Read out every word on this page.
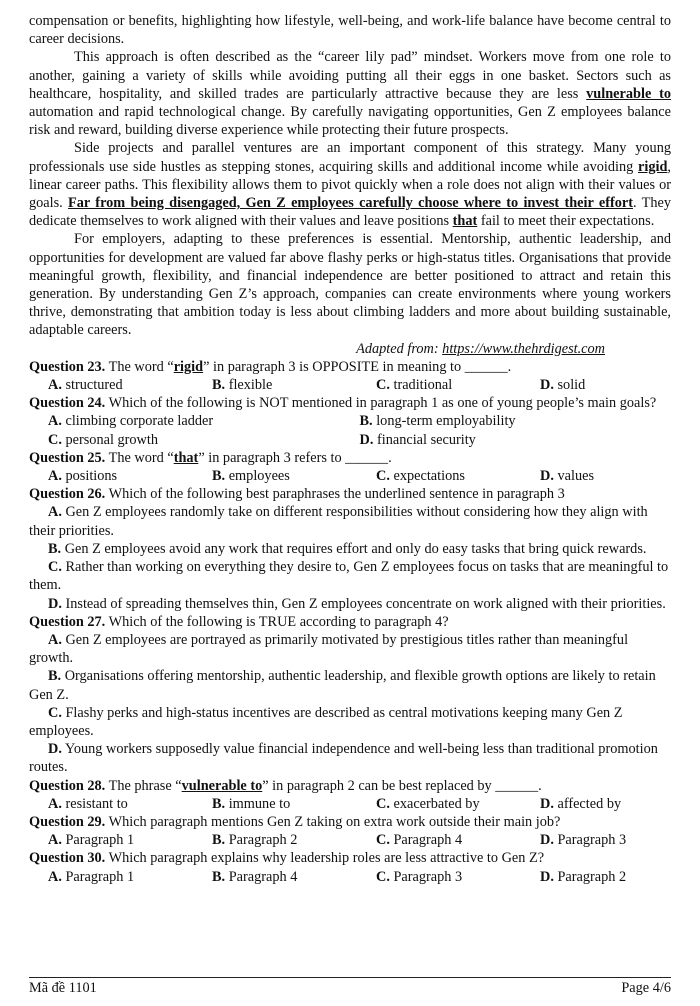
compensation or benefits, highlighting how lifestyle, well-being, and work-life balance have become central to career decisions.

This approach is often described as the “career lily pad” mindset. Workers move from one role to another, gaining a variety of skills while avoiding putting all their eggs in one basket. Sectors such as healthcare, hospitality, and skilled trades are particularly attractive because they are less vulnerable to automation and rapid technological change. By carefully navigating opportunities, Gen Z employees balance risk and reward, building diverse experience while protecting their future prospects.

Side projects and parallel ventures are an important component of this strategy. Many young professionals use side hustles as stepping stones, acquiring skills and additional income while avoiding rigid, linear career paths. This flexibility allows them to pivot quickly when a role does not align with their values or goals. Far from being disengaged, Gen Z employees carefully choose where to invest their effort. They dedicate themselves to work aligned with their values and leave positions that fail to meet their expectations.

For employers, adapting to these preferences is essential. Mentorship, authentic leadership, and opportunities for development are valued far above flashy perks or high-status titles. Organisations that provide meaningful growth, flexibility, and financial independence are better positioned to attract and retain this generation. By understanding Gen Z’s approach, companies can create environments where young workers thrive, demonstrating that ambition today is less about climbing ladders and more about building sustainable, adaptable careers.

Adapted from: https://www.thehrdigest.com

Question 23. The word “rigid” in paragraph 3 is OPPOSITE in meaning to ______.

A. structured	B. flexible	C. traditional	D. solid

Question 24. Which of the following is NOT mentioned in paragraph 1 as one of young people’s main goals?

A. climbing corporate ladder	B. long-term employability
C. personal growth	D. financial security

Question 25. The word “that” in paragraph 3 refers to ______.

A. positions	B. employees	C. expectations	D. values

Question 26. Which of the following best paraphrases the underlined sentence in paragraph 3

A. Gen Z employees randomly take on different responsibilities without considering how they align with their priorities.

B. Gen Z employees avoid any work that requires effort and only do easy tasks that bring quick rewards.

C. Rather than working on everything they desire to, Gen Z employees focus on tasks that are meaningful to them.

D. Instead of spreading themselves thin, Gen Z employees concentrate on work aligned with their priorities.

Question 27. Which of the following is TRUE according to paragraph 4?

A. Gen Z employees are portrayed as primarily motivated by prestigious titles rather than meaningful growth.

B. Organisations offering mentorship, authentic leadership, and flexible growth options are likely to retain Gen Z.

C. Flashy perks and high-status incentives are described as central motivations keeping many Gen Z employees.

D. Young workers supposedly value financial independence and well-being less than traditional promotion routes.

Question 28. The phrase “vulnerable to” in paragraph 2 can be best replaced by ______.

A. resistant to	B. immune to	C. exacerbated by	D. affected by

Question 29. Which paragraph mentions Gen Z taking on extra work outside their main job?

A. Paragraph 1	B. Paragraph 2	C. Paragraph 4	D. Paragraph 3

Question 30. Which paragraph explains why leadership roles are less attractive to Gen Z?

A. Paragraph 1	B. Paragraph 4	C. Paragraph 3	D. Paragraph 2
Mã đề 1101	Page 4/6
